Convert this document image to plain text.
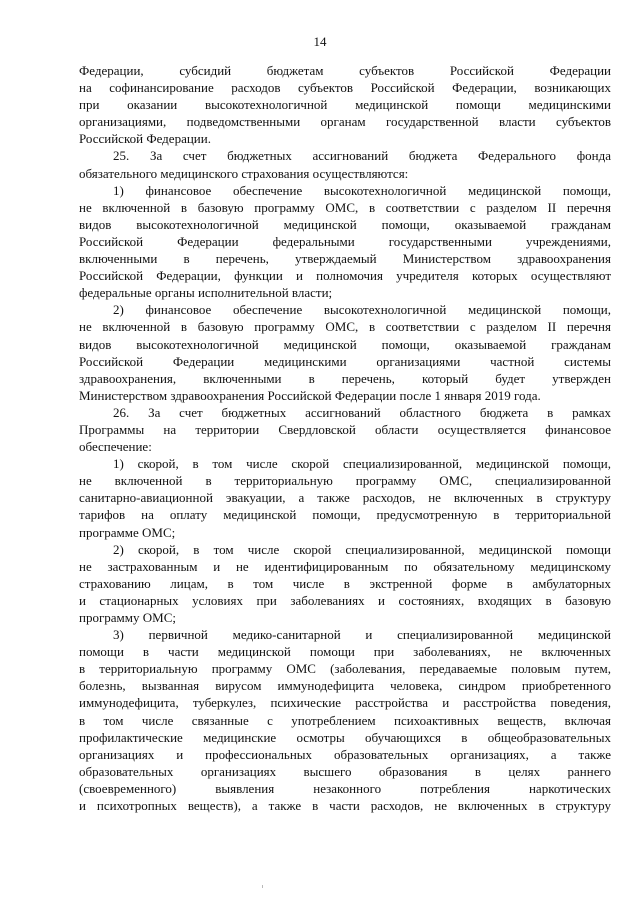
14
Федерации, субсидий бюджетам субъектов Российской Федерации
на софинансирование расходов субъектов Российской Федерации, возникающих
при оказании высокотехнологичной медицинской помощи медицинскими
организациями, подведомственными органам государственной власти субъектов
Российской Федерации.
25. За счет бюджетных ассигнований бюджета Федерального фонда
обязательного медицинского страхования осуществляются:
1) финансовое обеспечение высокотехнологичной медицинской помощи,
не включенной в базовую программу ОМС, в соответствии с разделом II перечня
видов высокотехнологичной медицинской помощи, оказываемой гражданам
Российской Федерации федеральными государственными учреждениями,
включенными в перечень, утверждаемый Министерством здравоохранения
Российской Федерации, функции и полномочия учредителя которых осуществляют
федеральные органы исполнительной власти;
2) финансовое обеспечение высокотехнологичной медицинской помощи,
не включенной в базовую программу ОМС, в соответствии с разделом II перечня
видов высокотехнологичной медицинской помощи, оказываемой гражданам
Российской Федерации медицинскими организациями частной системы
здравоохранения, включенными в перечень, который будет утвержден
Министерством здравоохранения Российской Федерации после 1 января 2019 года.
26. За счет бюджетных ассигнований областного бюджета в рамках
Программы на территории Свердловской области осуществляется финансовое
обеспечение:
1) скорой, в том числе скорой специализированной, медицинской помощи,
не включенной в территориальную программу ОМС, специализированной
санитарно-авиационной эвакуации, а также расходов, не включенных в структуру
тарифов на оплату медицинской помощи, предусмотренную в территориальной
программе ОМС;
2) скорой, в том числе скорой специализированной, медицинской помощи
не застрахованным и не идентифицированным по обязательному медицинскому
страхованию лицам, в том числе в экстренной форме в амбулаторных
и стационарных условиях при заболеваниях и состояниях, входящих в базовую
программу ОМС;
3) первичной медико-санитарной и специализированной медицинской
помощи в части медицинской помощи при заболеваниях, не включенных
в территориальную программу ОМС (заболевания, передаваемые половым путем,
болезнь, вызванная вирусом иммунодефицита человека, синдром приобретенного
иммунодефицита, туберкулез, психические расстройства и расстройства поведения,
в том числе связанные с употреблением психоактивных веществ, включая
профилактические медицинские осмотры обучающихся в общеобразовательных
организациях и профессиональных образовательных организациях, а также
образовательных организациях высшего образования в целях раннего
(своевременного) выявления незаконного потребления наркотических
и психотропных веществ), а также в части расходов, не включенных в структуру
